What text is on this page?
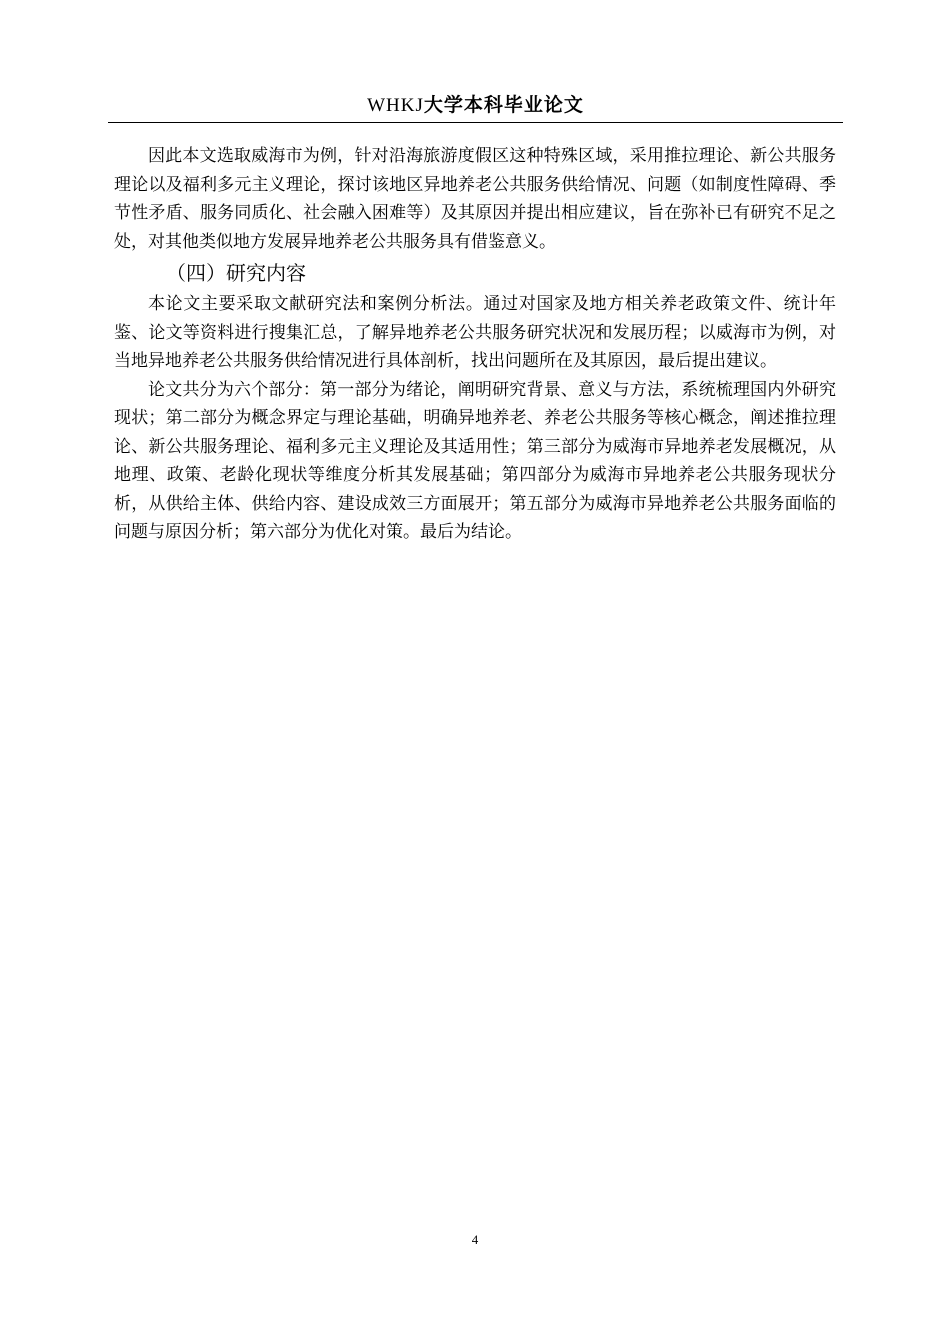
WHKJ大学本科毕业论文

因此本文选取威海市为例，针对沿海旅游度假区这种特殊区域，采用推拉理论、新公共服务理论以及福利多元主义理论，探讨该地区异地养老公共服务供给情况、问题（如制度性障碍、季节性矛盾、服务同质化、社会融入困难等）及其原因并提出相应建议，旨在弥补已有研究不足之处，对其他类似地方发展异地养老公共服务具有借鉴意义。

（四）研究内容

本论文主要采取文献研究法和案例分析法。通过对国家及地方相关养老政策文件、统计年鉴、论文等资料进行搜集汇总，了解异地养老公共服务研究状况和发展历程；以威海市为例，对当地异地养老公共服务供给情况进行具体剖析，找出问题所在及其原因，最后提出建议。

论文共分为六个部分：第一部分为绪论，阐明研究背景、意义与方法，系统梳理国内外研究现状；第二部分为概念界定与理论基础，明确异地养老、养老公共服务等核心概念，阐述推拉理论、新公共服务理论、福利多元主义理论及其适用性；第三部分为威海市异地养老发展概况，从地理、政策、老龄化现状等维度分析其发展基础；第四部分为威海市异地养老公共服务现状分析，从供给主体、供给内容、建设成效三方面展开；第五部分为威海市异地养老公共服务面临的问题与原因分析；第六部分为优化对策。最后为结论。

4
